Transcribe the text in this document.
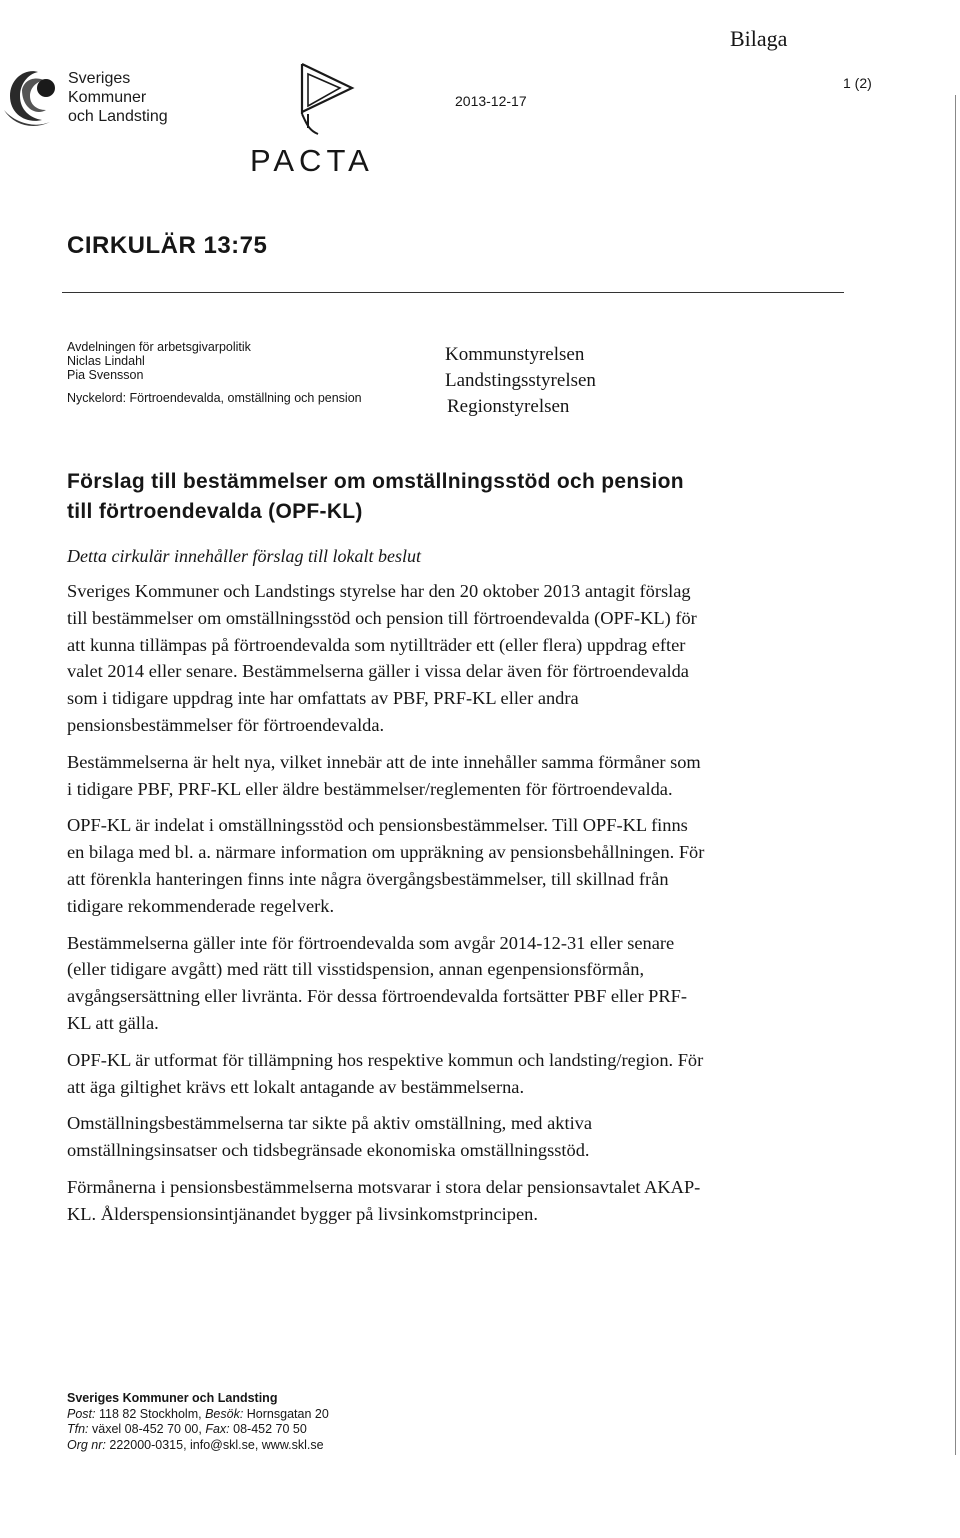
Bilaga
1 (2)
Sveriges
Kommuner
och Landsting
2013-12-17
PACTA
CIRKULÄR 13:75
Avdelningen för arbetsgivarpolitik
Niclas Lindahl
Pia Svensson
Nyckelord: Förtroendevalda, omställning och pension
Kommunstyrelsen
Landstingsstyrelsen
Regionstyrelsen
Förslag till bestämmelser om omställningsstöd och pension
till förtroendevalda (OPF-KL)
Detta cirkulär innehåller förslag till lokalt beslut

Sveriges Kommuner och Landstings styrelse har den 20 oktober 2013 antagit förslag
till bestämmelser om omställningsstöd och pension till förtroendevalda (OPF-KL) för
att kunna tillämpas på förtroendevalda som nytillträder ett (eller flera) uppdrag efter
valet 2014 eller senare. Bestämmelserna gäller i vissa delar även för förtroendevalda
som i tidigare uppdrag inte har omfattats av PBF, PRF-KL eller andra
pensionsbestämmelser för förtroendevalda.

Bestämmelserna är helt nya, vilket innebär att de inte innehåller samma förmåner som
i tidigare PBF, PRF-KL eller äldre bestämmelser/reglementen för förtroendevalda.

OPF-KL är indelat i omställningsstöd och pensionsbestämmelser. Till OPF-KL finns
en bilaga med bl. a. närmare information om uppräkning av pensionsbehållningen. För
att förenkla hanteringen finns inte några övergångsbestämmelser, till skillnad från
tidigare rekommenderade regelverk.

Bestämmelserna gäller inte för förtroendevalda som avgår 2014-12-31 eller senare
(eller tidigare avgått) med rätt till visstidspension, annan egenpensionsförmån,
avgångsersättning eller livränta. För dessa förtroendevalda fortsätter PBF eller PRF-
KL att gälla.

OPF-KL är utformat för tillämpning hos respektive kommun och landsting/region. För
att äga giltighet krävs ett lokalt antagande av bestämmelserna.

Omställningsbestämmelserna tar sikte på aktiv omställning, med aktiva
omställningsinsatser och tidsbegränsade ekonomiska omställningsstöd.

Förmånerna i pensionsbestämmelserna motsvarar i stora delar pensionsavtalet AKAP-
KL. Ålderspensionsintjänandet bygger på livsinkomstprincipen.

Sveriges Kommuner och Landsting
Post: 118 82 Stockholm, Besök: Hornsgatan 20
Tfn: växel 08-452 70 00, Fax: 08-452 70 50
Org nr: 222000-0315, info@skl.se, www.skl.se
